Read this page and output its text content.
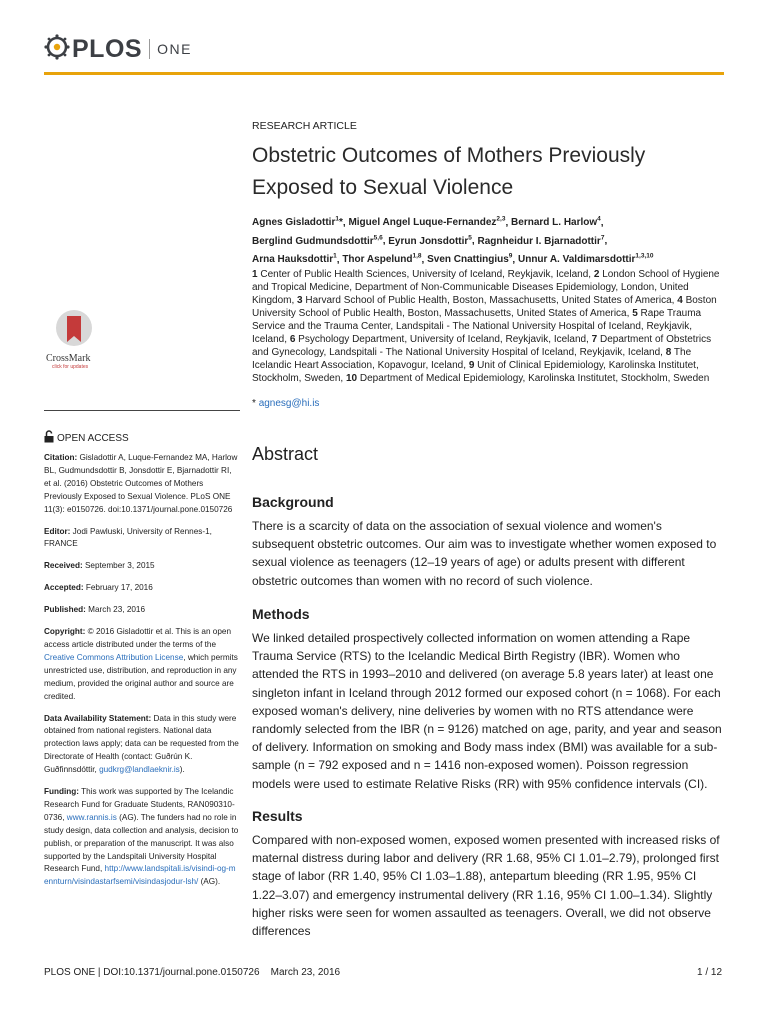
PLOS ONE
RESEARCH ARTICLE
Obstetric Outcomes of Mothers Previously Exposed to Sexual Violence
Agnes Gisladottir$^1$*, Miguel Angel Luque-Fernandez$^{2,3}$, Bernard L. Harlow$^4$,
Berglind Gudmundsdottir$^{5,6}$, Eyrun Jonsdottir$^5$, Ragnheidur I. Bjarnadottir$^7$,
Arna Hauksdottir$^1$, Thor Aspelund$^{1,8}$, Sven Cnattingius$^9$, Unnur A. Valdimarsdottir$^{1,3,10}$
1 Center of Public Health Sciences, University of Iceland, Reykjavik, Iceland, 2 London School of Hygiene and Tropical Medicine, Department of Non-Communicable Diseases Epidemiology, London, United Kingdom, 3 Harvard School of Public Health, Boston, Massachusetts, United States of America, 4 Boston University School of Public Health, Boston, Massachusetts, United States of America, 5 Rape Trauma Service and the Trauma Center, Landspitali - The National University Hospital of Iceland, Reykjavik, Iceland, 6 Psychology Department, University of Iceland, Reykjavik, Iceland, 7 Department of Obstetrics and Gynecology, Landspitali - The National University Hospital of Iceland, Reykjavik, Iceland, 8 The Icelandic Heart Association, Kopavogur, Iceland, 9 Unit of Clinical Epidemiology, Karolinska Institutet, Stockholm, Sweden, 10 Department of Medical Epidemiology, Karolinska Institutet, Stockholm, Sweden
* agnesg@hi.is
CrossMark
click for updates
OPEN ACCESS

Citation: Gisladottir A, Luque-Fernandez MA, Harlow BL, Gudmundsdottir B, Jonsdottir E, Bjarnadottir RI, et al. (2016) Obstetric Outcomes of Mothers Previously Exposed to Sexual Violence. PLoS ONE 11(3): e0150726. doi:10.1371/journal.pone.0150726

Editor: Jodi Pawluski, University of Rennes-1, FRANCE

Received: September 3, 2015

Accepted: February 17, 2016

Published: March 23, 2016

Copyright: © 2016 Gisladottir et al. This is an open access article distributed under the terms of the Creative Commons Attribution License, which permits unrestricted use, distribution, and reproduction in any medium, provided the original author and source are credited.

Data Availability Statement: Data in this study were obtained from national registers. National data protection laws apply; data can be requested from the Directorate of Health (contact: Guðrún K. Guðfinnsdóttir, gudkrg@landlaeknir.is).

Funding: This work was supported by The Icelandic Research Fund for Graduate Students, RAN090310-0736, www.rannis.is (AG). The funders had no role in study design, data collection and analysis, decision to publish, or preparation of the manuscript. It was also supported by the Landspitali University Hospital Research Fund, http://www.landspitali.is/visindi-og-mennturn/visindastarfsemi/visindasjodur-lsh/ (AG).

Abstract
Background
There is a scarcity of data on the association of sexual violence and women's subsequent obstetric outcomes. Our aim was to investigate whether women exposed to sexual violence as teenagers (12–19 years of age) or adults present with different obstetric outcomes than women with no record of such violence.
Methods
We linked detailed prospectively collected information on women attending a Rape Trauma Service (RTS) to the Icelandic Medical Birth Registry (IBR). Women who attended the RTS in 1993–2010 and delivered (on average 5.8 years later) at least one singleton infant in Iceland through 2012 formed our exposed cohort (n = 1068). For each exposed woman's delivery, nine deliveries by women with no RTS attendance were randomly selected from the IBR (n = 9126) matched on age, parity, and year and season of delivery. Information on smoking and Body mass index (BMI) was available for a sub-sample (n = 792 exposed and n = 1416 non-exposed women). Poisson regression models were used to estimate Relative Risks (RR) with 95% confidence intervals (CI).
Results
Compared with non-exposed women, exposed women presented with increased risks of maternal distress during labor and delivery (RR 1.68, 95% CI 1.01–2.79), prolonged first stage of labor (RR 1.40, 95% CI 1.03–1.88), antepartum bleeding (RR 1.95, 95% CI 1.22–3.07) and emergency instrumental delivery (RR 1.16, 95% CI 1.00–1.34). Slightly higher risks were seen for women assaulted as teenagers. Overall, we did not observe differences
PLOS ONE | DOI:10.1371/journal.pone.0150726    March 23, 2016	1 / 12
